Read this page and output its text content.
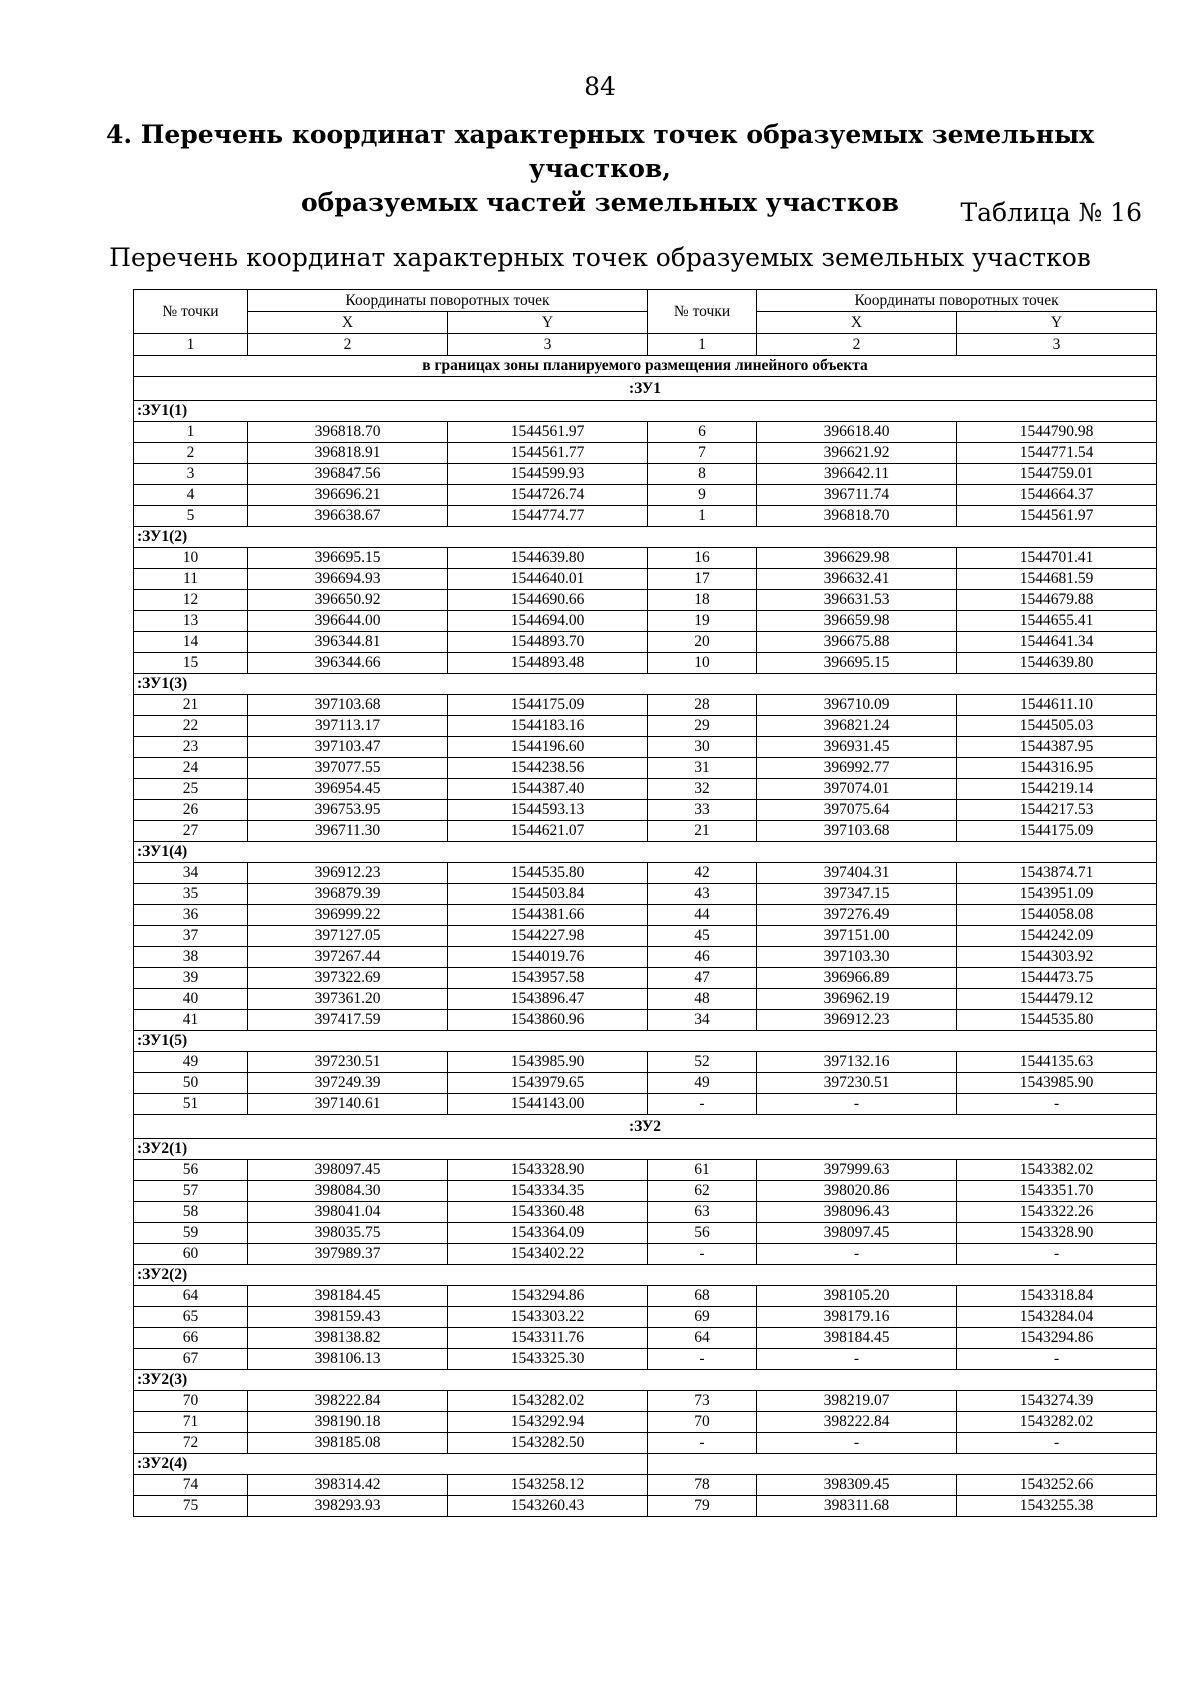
84
4. Перечень координат характерных точек образуемых земельных участков,
образуемых частей земельных участков	Таблица № 16
Перечень координат характерных точек образуемых земельных участков
№ точки	Координаты поворотных точек		№ точки	Координаты поворотных точек	
	X	Y		X	Y
1	2	3	1	2	3
в границах зоны планируемого размещения линейного объекта					
:ЗУ1					
:ЗУ1(1)					
1	396818.70	1544561.97	6	396618.40	1544790.98
2	396818.91	1544561.77	7	396621.92	1544771.54
3	396847.56	1544599.93	8	396642.11	1544759.01
4	396696.21	1544726.74	9	396711.74	1544664.37
5	396638.67	1544774.77	1	396818.70	1544561.97
:ЗУ1(2)					
10	396695.15	1544639.80	16	396629.98	1544701.41
11	396694.93	1544640.01	17	396632.41	1544681.59
12	396650.92	1544690.66	18	396631.53	1544679.88
13	396644.00	1544694.00	19	396659.98	1544655.41
14	396344.81	1544893.70	20	396675.88	1544641.34
15	396344.66	1544893.48	10	396695.15	1544639.80
:ЗУ1(3)					
21	397103.68	1544175.09	28	396710.09	1544611.10
22	397113.17	1544183.16	29	396821.24	1544505.03
23	397103.47	1544196.60	30	396931.45	1544387.95
24	397077.55	1544238.56	31	396992.77	1544316.95
25	396954.45	1544387.40	32	397074.01	1544219.14
26	396753.95	1544593.13	33	397075.64	1544217.53
27	396711.30	1544621.07	21	397103.68	1544175.09
:ЗУ1(4)					
34	396912.23	1544535.80	42	397404.31	1543874.71
35	396879.39	1544503.84	43	397347.15	1543951.09
36	396999.22	1544381.66	44	397276.49	1544058.08
37	397127.05	1544227.98	45	397151.00	1544242.09
38	397267.44	1544019.76	46	397103.30	1544303.92
39	397322.69	1543957.58	47	396966.89	1544473.75
40	397361.20	1543896.47	48	396962.19	1544479.12
41	397417.59	1543860.96	34	396912.23	1544535.80
:ЗУ1(5)					
49	397230.51	1543985.90	52	397132.16	1544135.63
50	397249.39	1543979.65	49	397230.51	1543985.90
51	397140.61	1544143.00	-	-	-
:ЗУ2					
:ЗУ2(1)					
56	398097.45	1543328.90	61	397999.63	1543382.02
57	398084.30	1543334.35	62	398020.86	1543351.70
58	398041.04	1543360.48	63	398096.43	1543322.26
59	398035.75	1543364.09	56	398097.45	1543328.90
60	397989.37	1543402.22	-	-	-
:ЗУ2(2)					
64	398184.45	1543294.86	68	398105.20	1543318.84
65	398159.43	1543303.22	69	398179.16	1543284.04
66	398138.82	1543311.76	64	398184.45	1543294.86
67	398106.13	1543325.30	-	-	-
:ЗУ2(3)					
70	398222.84	1543282.02	73	398219.07	1543274.39
71	398190.18	1543292.94	70	398222.84	1543282.02
72	398185.08	1543282.50	-	-	-
:ЗУ2(4)					
74	398314.42	1543258.12	78	398309.45	1543252.66
75	398293.93	1543260.43	79	398311.68	1543255.38
